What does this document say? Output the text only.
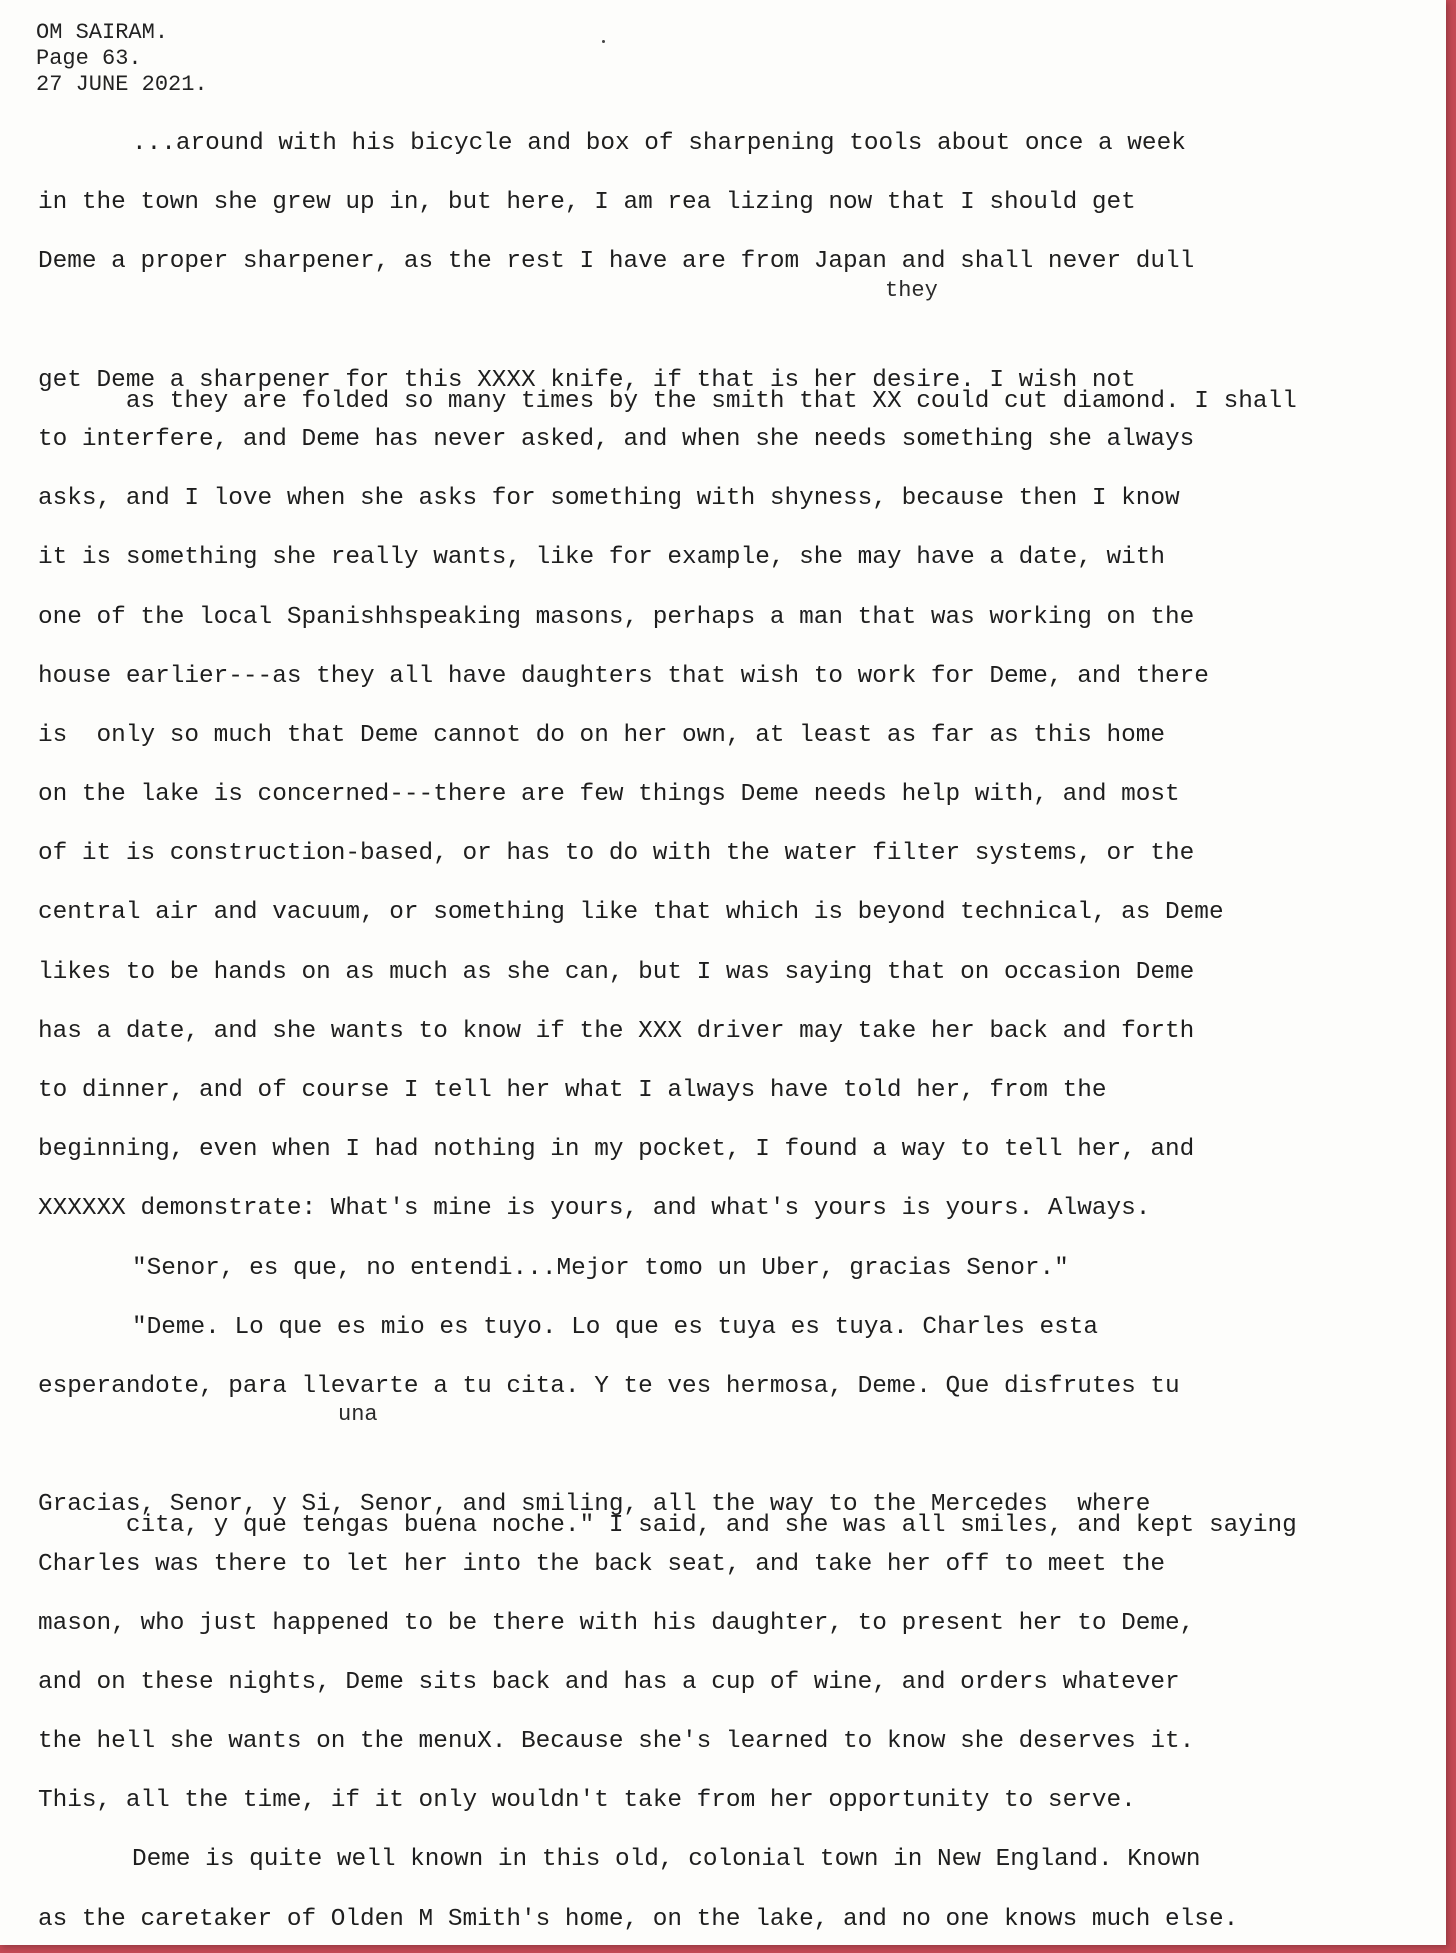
OM SAIRAM.
Page 63.
27 JUNE 2021.
...around with his bicycle and box of sharpening tools about once a week
in the town she grew up in, but here, I am rea lizing now that I should get
Deme a proper sharpener, as the rest I have are from Japan and shall never dull

they

as they are folded so many times by the smith that XX could cut diamond. I shall

get Deme a sharpener for this XXXX knife, if that is her desire. I wish not
to interfere, and Deme has never asked, and when she needs something she always
asks, and I love when she asks for something with shyness, because then I know
it is something she really wants, like for example, she may have a date, with
one of the local Spanishhspeaking masons, perhaps a man that was working on the
house earlier---as they all have daughters that wish to work for Deme, and there
is  only so much that Deme cannot do on her own, at least as far as this home
on the lake is concerned---there are few things Deme needs help with, and most
of it is construction-based, or has to do with the water filter systems, or the
central air and vacuum, or something like that which is beyond technical, as Deme
likes to be hands on as much as she can, but I was saying that on occasion Deme
has a date, and she wants to know if the XXX driver may take her back and forth
to dinner, and of course I tell her what I always have told her, from the
beginning, even when I had nothing in my pocket, I found a way to tell her, and
XXXXXX demonstrate: What's mine is yours, and what's yours is yours. Always.
"Senor, es que, no entendi...Mejor tomo un Uber, gracias Senor."
"Deme. Lo que es mio es tuyo. Lo que es tuya es tuya. Charles esta
esperandote, para llevarte a tu cita. Y te ves hermosa, Deme. Que disfrutes tu

una

cita, y que tengas buena noche." I said, and she was all smiles, and kept saying

Gracias, Senor, y Si, Senor, and smiling, all the way to the Mercedes  where
Charles was there to let her into the back seat, and take her off to meet the
mason, who just happened to be there with his daughter, to present her to Deme,
and on these nights, Deme sits back and has a cup of wine, and orders whatever
the hell she wants on the menuX. Because she's learned to know she deserves it.
This, all the time, if it only wouldn't take from her opportunity to serve.
Deme is quite well known in this old, colonial town in New England. Known
as the caretaker of Olden M Smith's home, on the lake, and no one knows much else.
